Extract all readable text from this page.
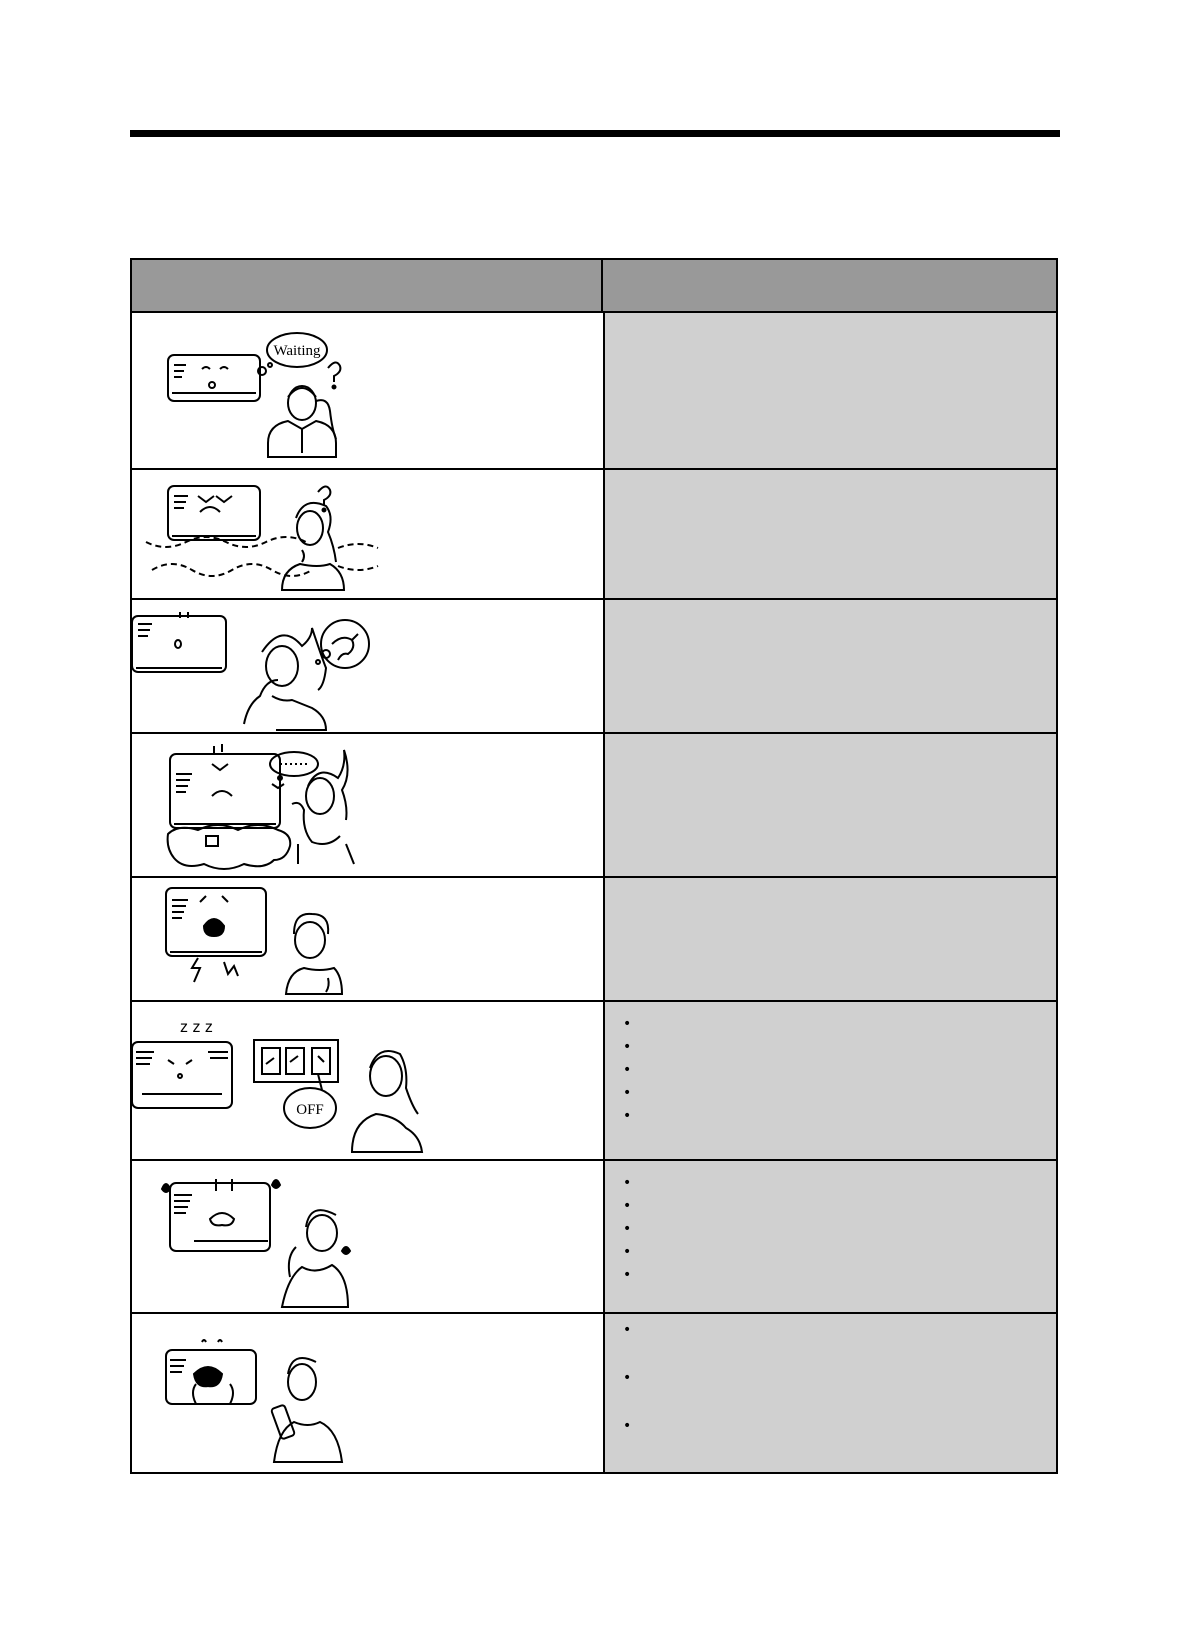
Waiting
z z z
OFF
